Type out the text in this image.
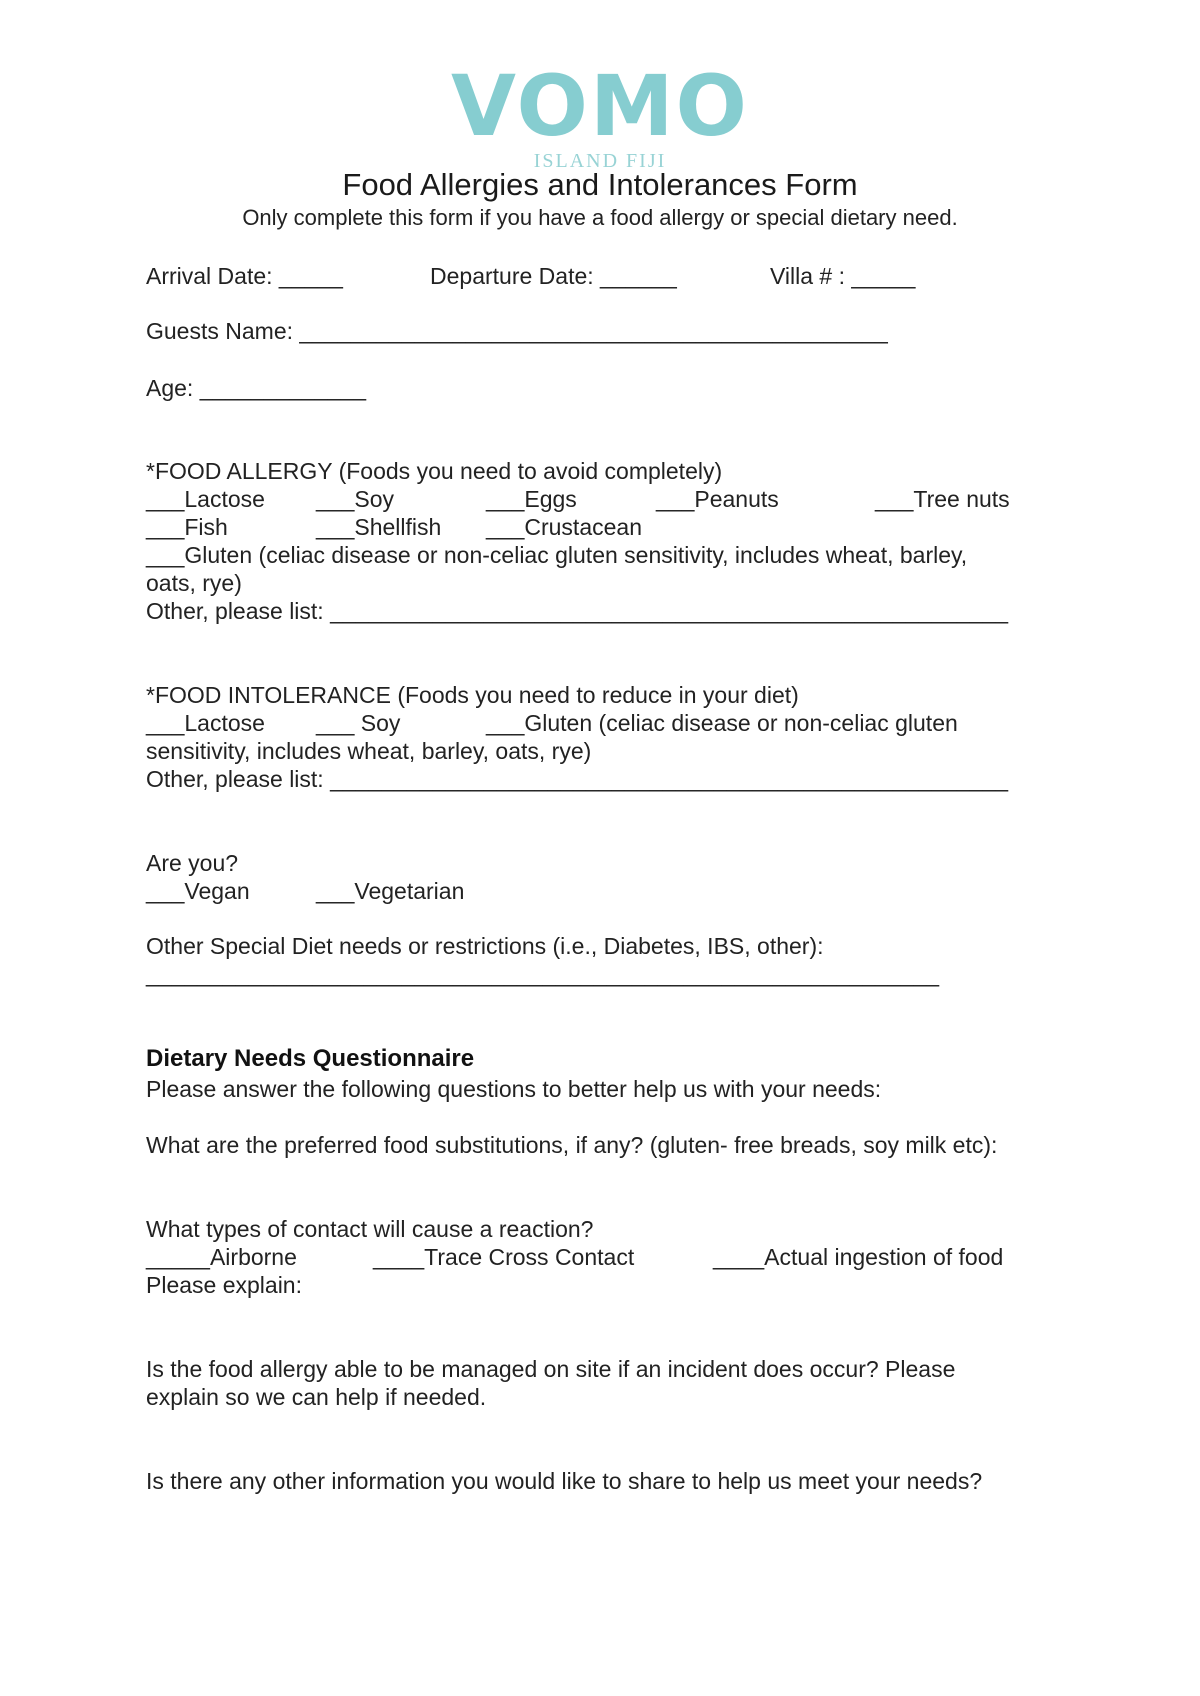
VOMO
ISLAND FIJI
Food Allergies and Intolerances Form
Only complete this form if you have a food allergy or special dietary need.
Arrival Date: _____	Departure Date: ______	Villa # : _____
Guests Name: ______________________________________________
Age: _____________
*FOOD ALLERGY (Foods you need to avoid completely)
___Lactose ___Soy	___Eggs	___Peanuts	___Tree nuts
___Fish	___Shellfish ___Crustacean
___Gluten (celiac disease or non-celiac gluten sensitivity, includes wheat, barley,
oats, rye)
Other, please list: _____________________________________________________
*FOOD INTOLERANCE (Foods you need to reduce in your diet)
___Lactose ___ Soy	___Gluten (celiac disease or non-celiac gluten
sensitivity, includes wheat, barley, oats, rye)
Other, please list: _____________________________________________________
Are you?
___Vegan	___Vegetarian
Other Special Diet needs or restrictions (i.e., Diabetes, IBS, other):
______________________________________________________________
Dietary Needs Questionnaire
Please answer the following questions to better help us with your needs:
What are the preferred food substitutions, if any? (gluten- free breads, soy milk etc):
What types of contact will cause a reaction?
_____Airborne	____Trace Cross Contact	____Actual ingestion of food
Please explain:
Is the food allergy able to be managed on site if an incident does occur? Please
explain so we can help if needed.
Is there any other information you would like to share to help us meet your needs?
